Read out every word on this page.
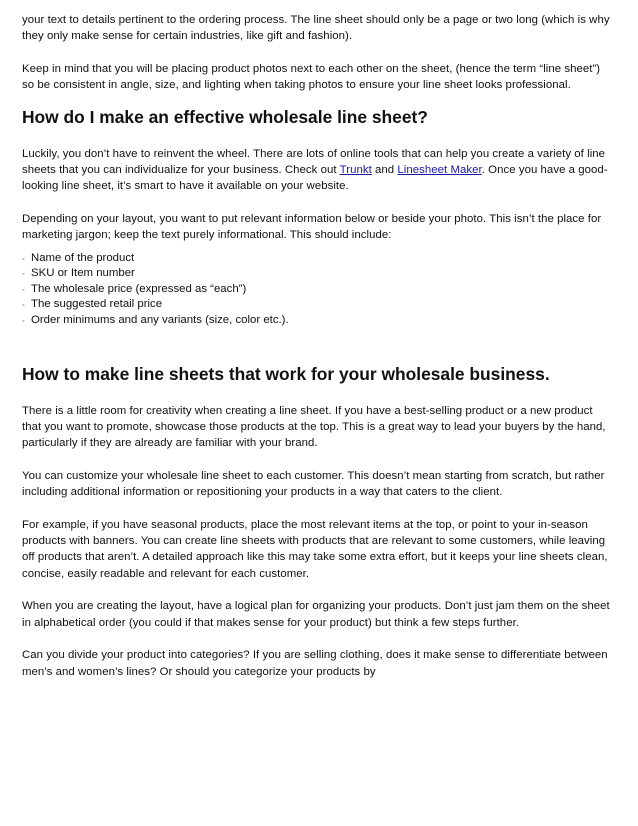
your text to details pertinent to the ordering process. The line sheet should only be a page or two long (which is why they only make sense for certain industries, like gift and fashion).

Keep in mind that you will be placing product photos next to each other on the sheet, (hence the term “line sheet”) so be consistent in angle, size, and lighting when taking photos to ensure your line sheet looks professional.

How do I make an effective wholesale line sheet?

Luckily, you don’t have to reinvent the wheel. There are lots of online tools that can help you create a variety of line sheets that you can individualize for your business. Check out Trunkt and Linesheet Maker. Once you have a good-looking line sheet, it’s smart to have it available on your website.

Depending on your layout, you want to put relevant information below or beside your photo. This isn’t the place for marketing jargon; keep the text purely informational. This should include:

◦ Name of the product
◦ SKU or Item number
◦ The wholesale price (expressed as “each”)
◦ The suggested retail price
◦ Order minimums and any variants (size, color etc.).
How to make line sheets that work for your wholesale business.

There is a little room for creativity when creating a line sheet. If you have a best-selling product or a new product that you want to promote, showcase those products at the top. This is a great way to lead your buyers by the hand, particularly if they are already are familiar with your brand.

You can customize your wholesale line sheet to each customer. This doesn’t mean starting from scratch, but rather including additional information or repositioning your products in a way that caters to the client.

For example, if you have seasonal products, place the most relevant items at the top, or point to your in-season products with banners. You can create line sheets with products that are relevant to some customers, while leaving off products that aren’t. A detailed approach like this may take some extra effort, but it keeps your line sheets clean, concise, easily readable and relevant for each customer.

When you are creating the layout, have a logical plan for organizing your products. Don’t just jam them on the sheet in alphabetical order (you could if that makes sense for your product) but think a few steps further.

Can you divide your product into categories? If you are selling clothing, does it make sense to differentiate between men’s and women’s lines? Or should you categorize your products by
